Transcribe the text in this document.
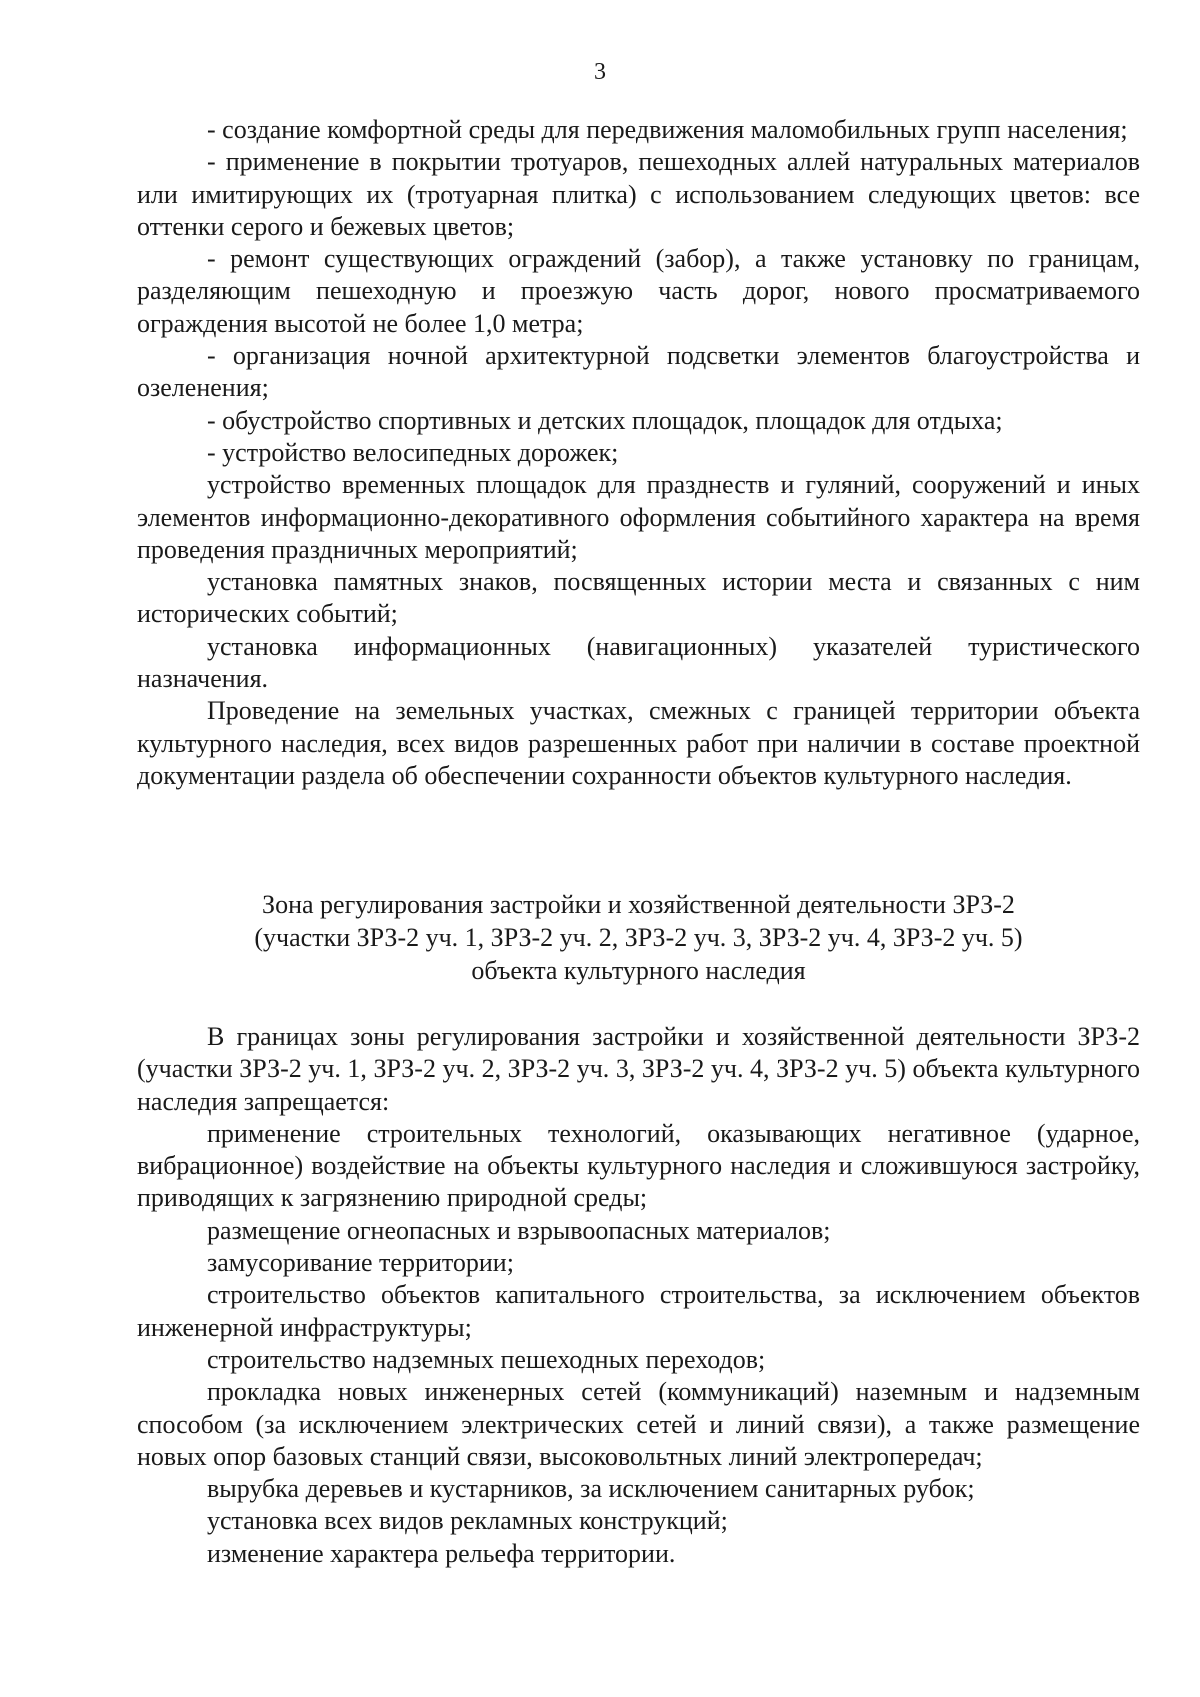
3

- создание комфортной среды для передвижения маломобильных групп населения;

- применение в покрытии тротуаров, пешеходных аллей натуральных материалов или имитирующих их (тротуарная плитка) с использованием следующих цветов: все оттенки серого и бежевых цветов;

- ремонт существующих ограждений (забор), а также установку по границам, разделяющим пешеходную и проезжую часть дорог, нового просматриваемого ограждения высотой не более 1,0 метра;

- организация ночной архитектурной подсветки элементов благоустройства и озеленения;

- обустройство спортивных и детских площадок, площадок для отдыха;

- устройство велосипедных дорожек;

устройство временных площадок для празднеств и гуляний, сооружений и иных элементов информационно-декоративного оформления событийного характера на время проведения праздничных мероприятий;

установка памятных знаков, посвященных истории места и связанных с ним исторических событий;

установка информационных (навигационных) указателей туристического назначения.

Проведение на земельных участках, смежных с границей территории объекта культурного наследия, всех видов разрешенных работ при наличии в составе проектной документации раздела об обеспечении сохранности объектов культурного наследия.

Зона регулирования застройки и хозяйственной деятельности ЗРЗ-2
(участки ЗРЗ-2 уч. 1, ЗРЗ-2 уч. 2, ЗРЗ-2 уч. 3, ЗРЗ-2 уч. 4, ЗРЗ-2 уч. 5)
объекта культурного наследия

В границах зоны регулирования застройки и хозяйственной деятельности ЗРЗ-2 (участки ЗРЗ-2 уч. 1, ЗРЗ-2 уч. 2, ЗРЗ-2 уч. 3, ЗРЗ-2 уч. 4, ЗРЗ-2 уч. 5) объекта культурного наследия запрещается:

применение строительных технологий, оказывающих негативное (ударное, вибрационное) воздействие на объекты культурного наследия и сложившуюся застройку, приводящих к загрязнению природной среды;

размещение огнеопасных и взрывоопасных материалов;

замусоривание территории;

строительство объектов капитального строительства, за исключением объектов инженерной инфраструктуры;

строительство надземных пешеходных переходов;

прокладка новых инженерных сетей (коммуникаций) наземным и надземным способом (за исключением электрических сетей и линий связи), а также размещение новых опор базовых станций связи, высоковольтных линий электропередач;

вырубка деревьев и кустарников, за исключением санитарных рубок;

установка всех видов рекламных конструкций;

изменение характера рельефа территории.
